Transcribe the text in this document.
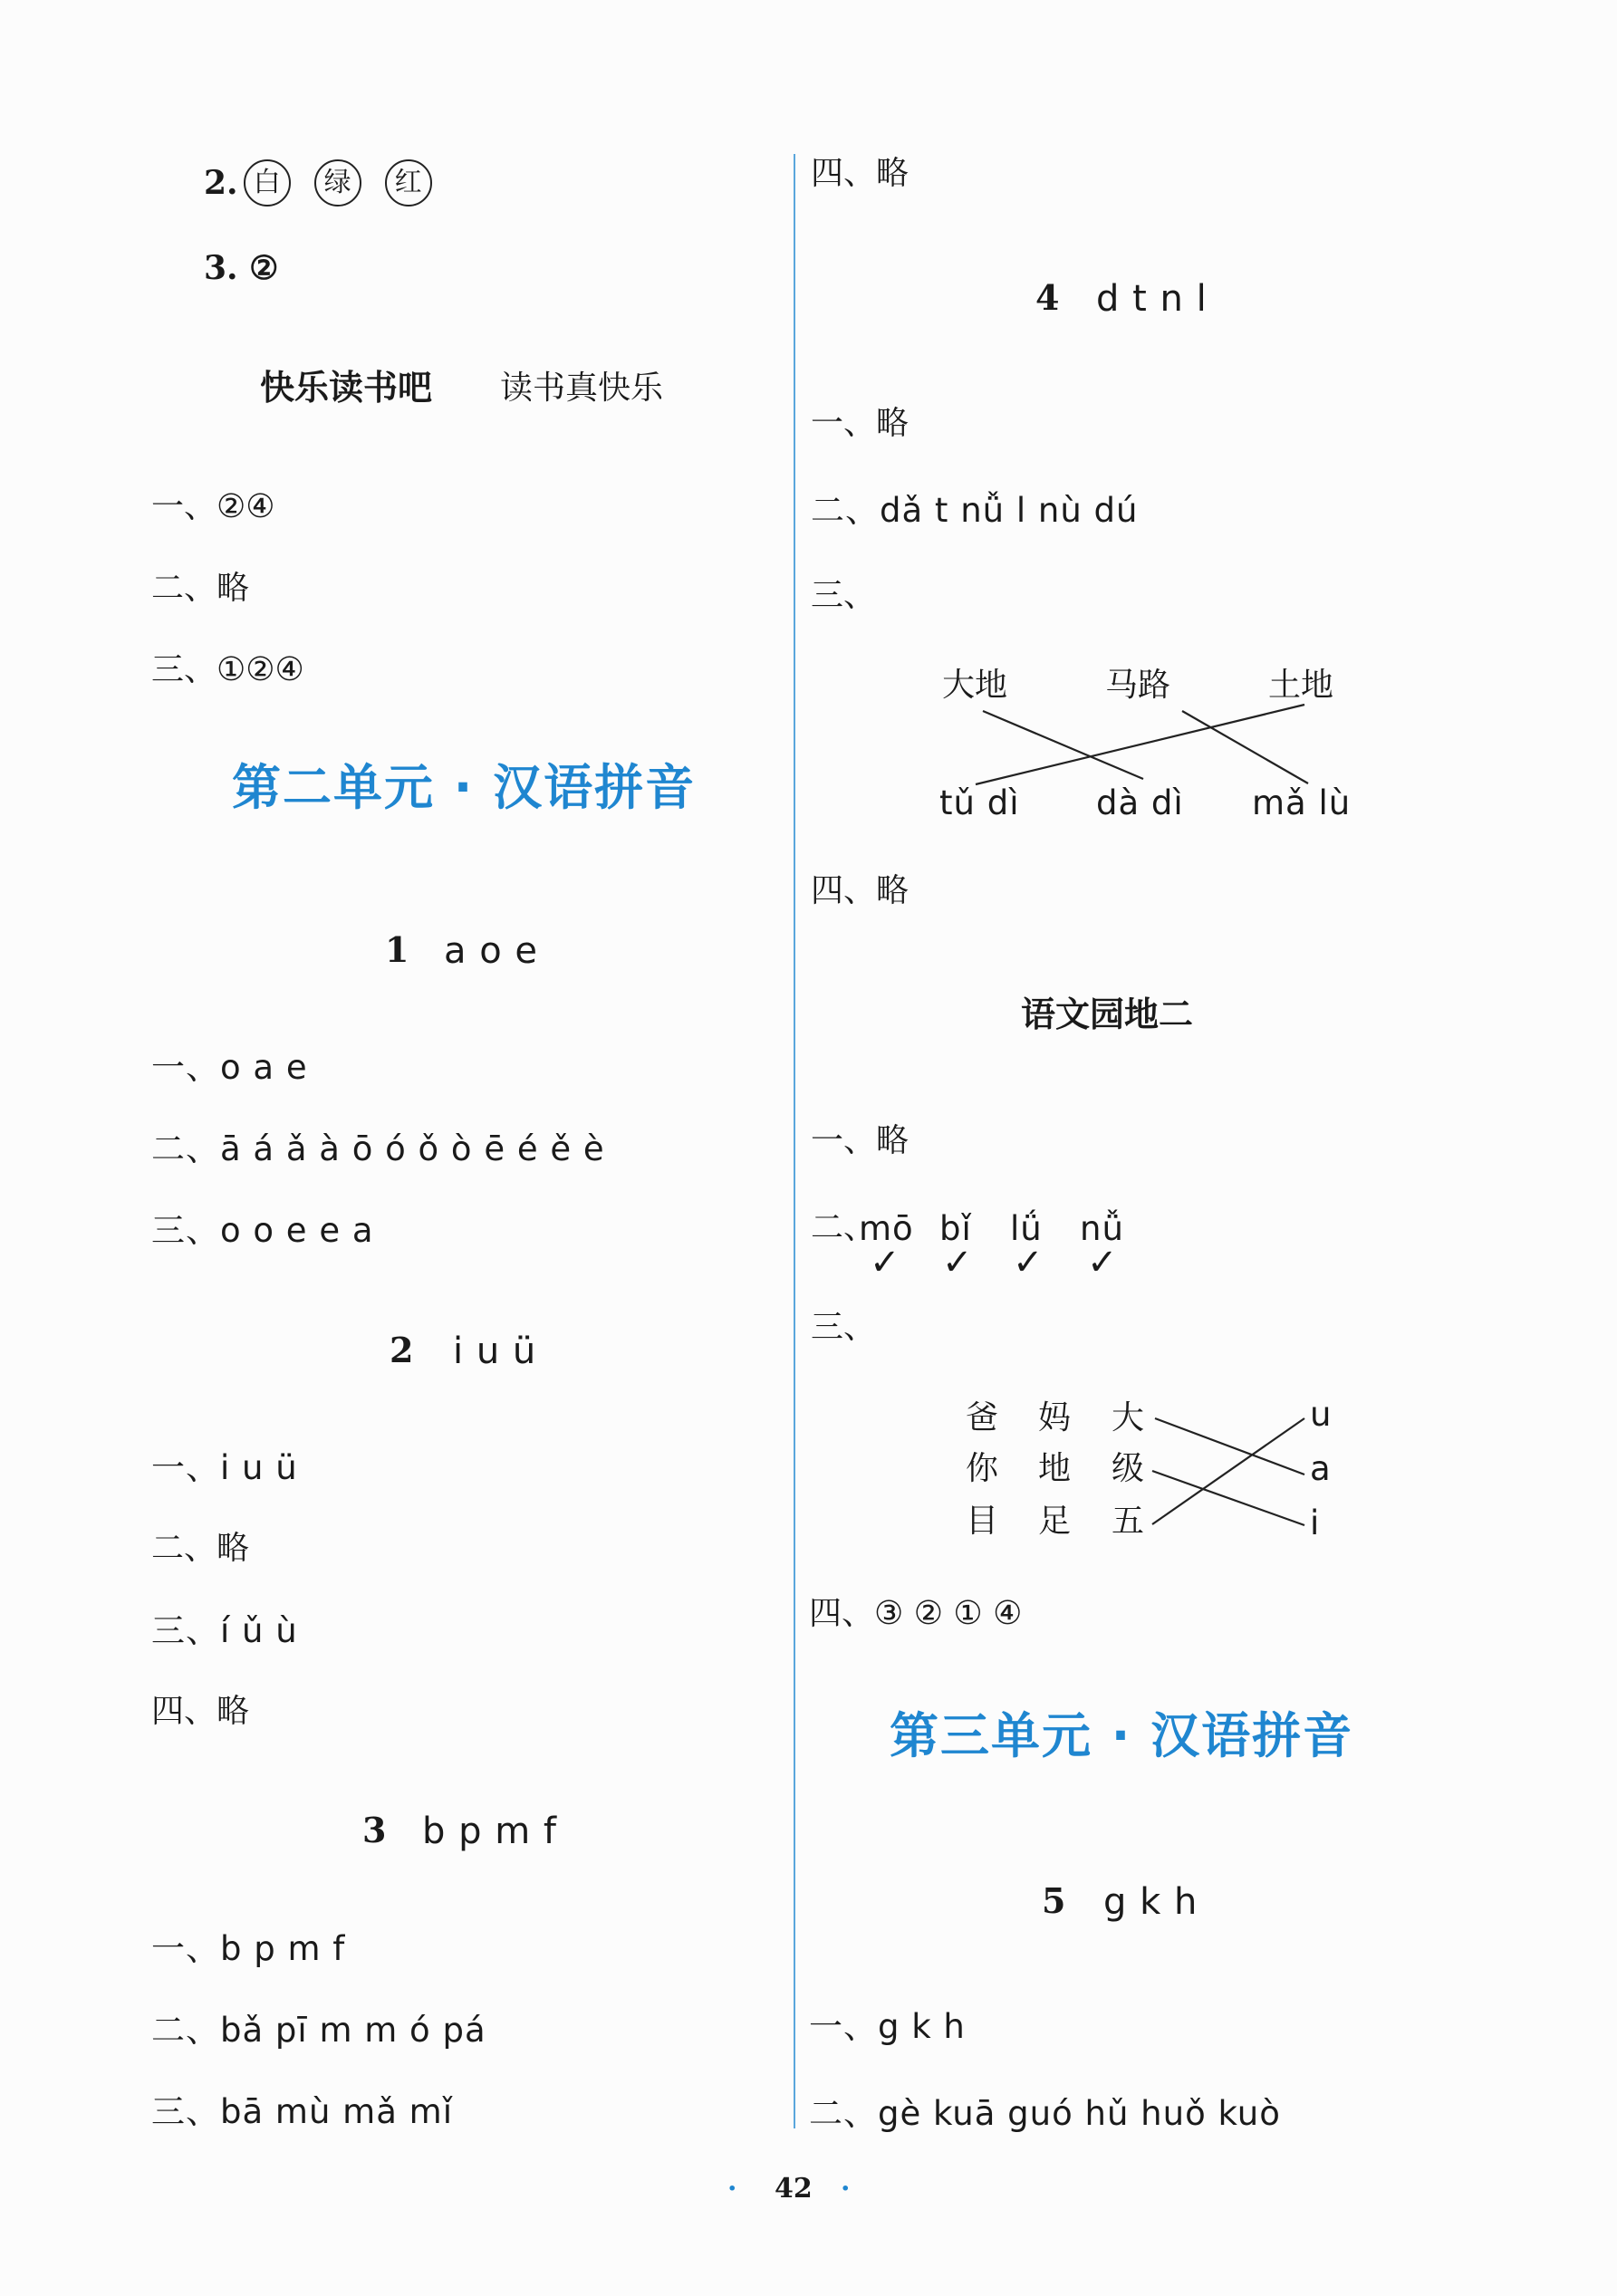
2. 白 绿 红
3. ②
快乐读书吧 读书真快乐
一、②④
二、略
三、①②④
第二单元 · 汉语拼音
1 a o e
一、o a e
二、ā á ǎ à ō ó ǒ ò ē é ě è
三、o o e e a
2 i u ü
一、i u ü
二、略
三、í ǔ ù
四、略
3 b p m f
一、b p m f
二、bǎ pī m m ó pá
三、bā mù mǎ mǐ
四、略
4 d t n l
一、略
二、dǎ t nǚ l nù dú
三、
大地	马路	土地
tǔ dì dà dì mǎ lù
四、略
语文园地二
一、略
二、
mō bǐ lǘ nǚ
✓ ✓ ✓ ✓
三、
爸 妈 大
你 地 级
目 足 五
u
a
i
四、③ ② ① ④
第三单元 · 汉语拼音
5 g k h
一、g k h
二、gè kuā guó hǔ huǒ kuò
· 42 ·
